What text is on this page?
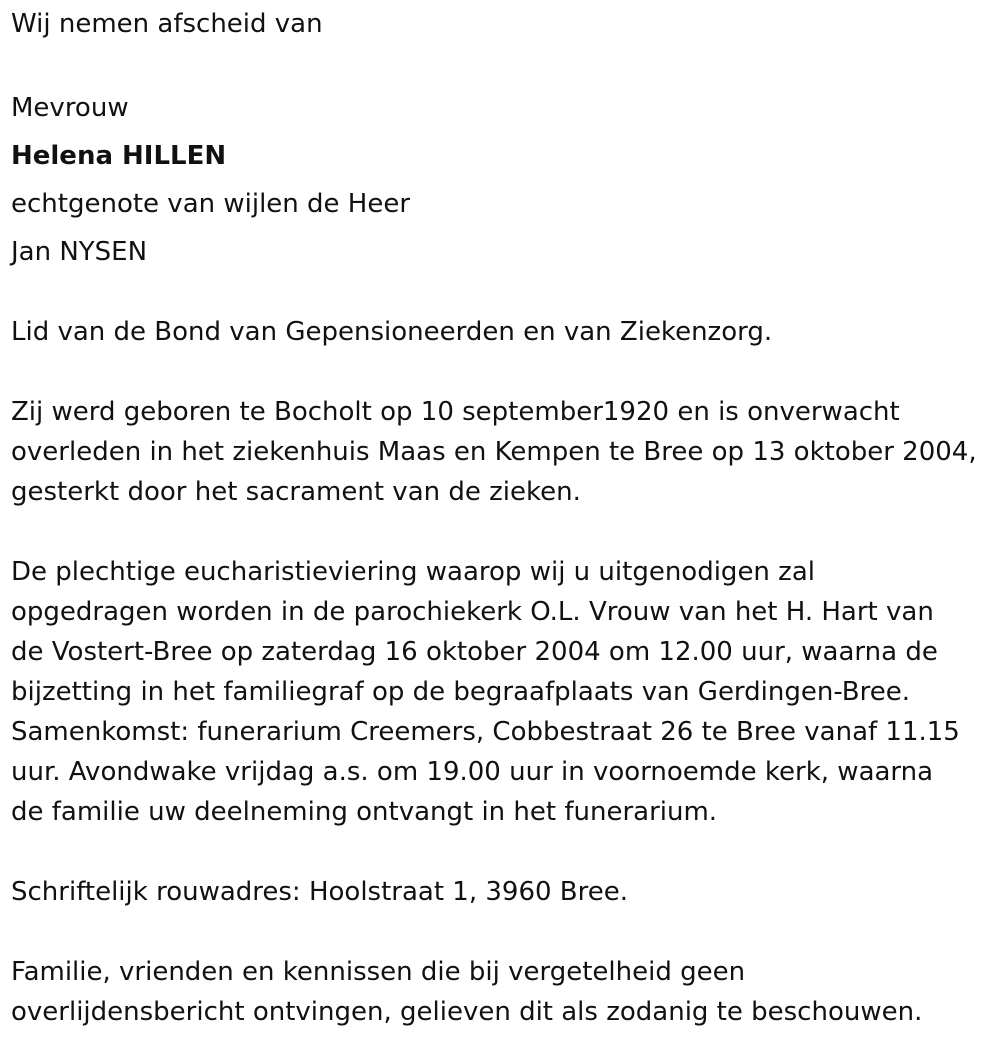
Wij nemen afscheid van
Mevrouw
Helena HILLEN
echtgenote van wijlen de Heer
Jan NYSEN
Lid van de Bond van Gepensioneerden en van Ziekenzorg.
Zij werd geboren te Bocholt op 10 september1920 en is onverwacht
overleden in het ziekenhuis Maas en Kempen te Bree op 13 oktober 2004,
gesterkt door het sacrament van de zieken.
De plechtige eucharistieviering waarop wij u uitgenodigen zal
opgedragen worden in de parochiekerk O.L. Vrouw van het H. Hart van
de Vostert-Bree op zaterdag 16 oktober 2004 om 12.00 uur, waarna de
bijzetting in het familiegraf op de begraafplaats van Gerdingen-Bree.
Samenkomst: funerarium Creemers, Cobbestraat 26 te Bree vanaf 11.15
uur. Avondwake vrijdag a.s. om 19.00 uur in voornoemde kerk, waarna
de familie uw deelneming ontvangt in het funerarium.
Schriftelijk rouwadres: Hoolstraat 1, 3960 Bree.
Familie, vrienden en kennissen die bij vergetelheid geen
overlijdensbericht ontvingen, gelieven dit als zodanig te beschouwen.
